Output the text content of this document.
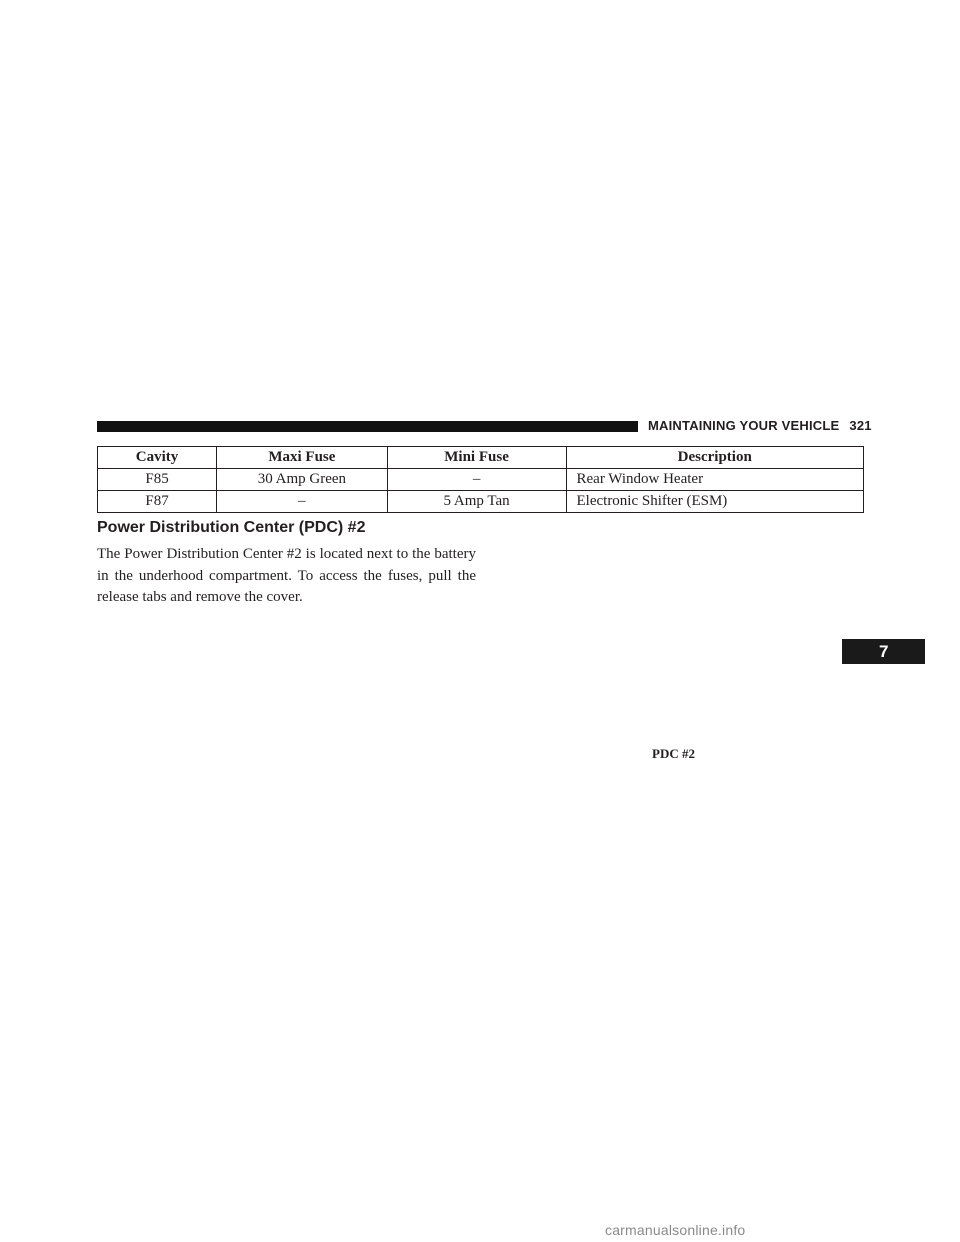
MAINTAINING YOUR VEHICLE 321
Cavity	Maxi Fuse	Mini Fuse	Description
F85	30 Amp Green	–	Rear Window Heater
F87	–	5 Amp Tan	Electronic Shifter (ESM)
Power Distribution Center (PDC) #2
The Power Distribution Center #2 is located next to the battery in the underhood compartment. To access the fuses, pull the release tabs and remove the cover.
7
PDC #2
carmanualsonline.info
